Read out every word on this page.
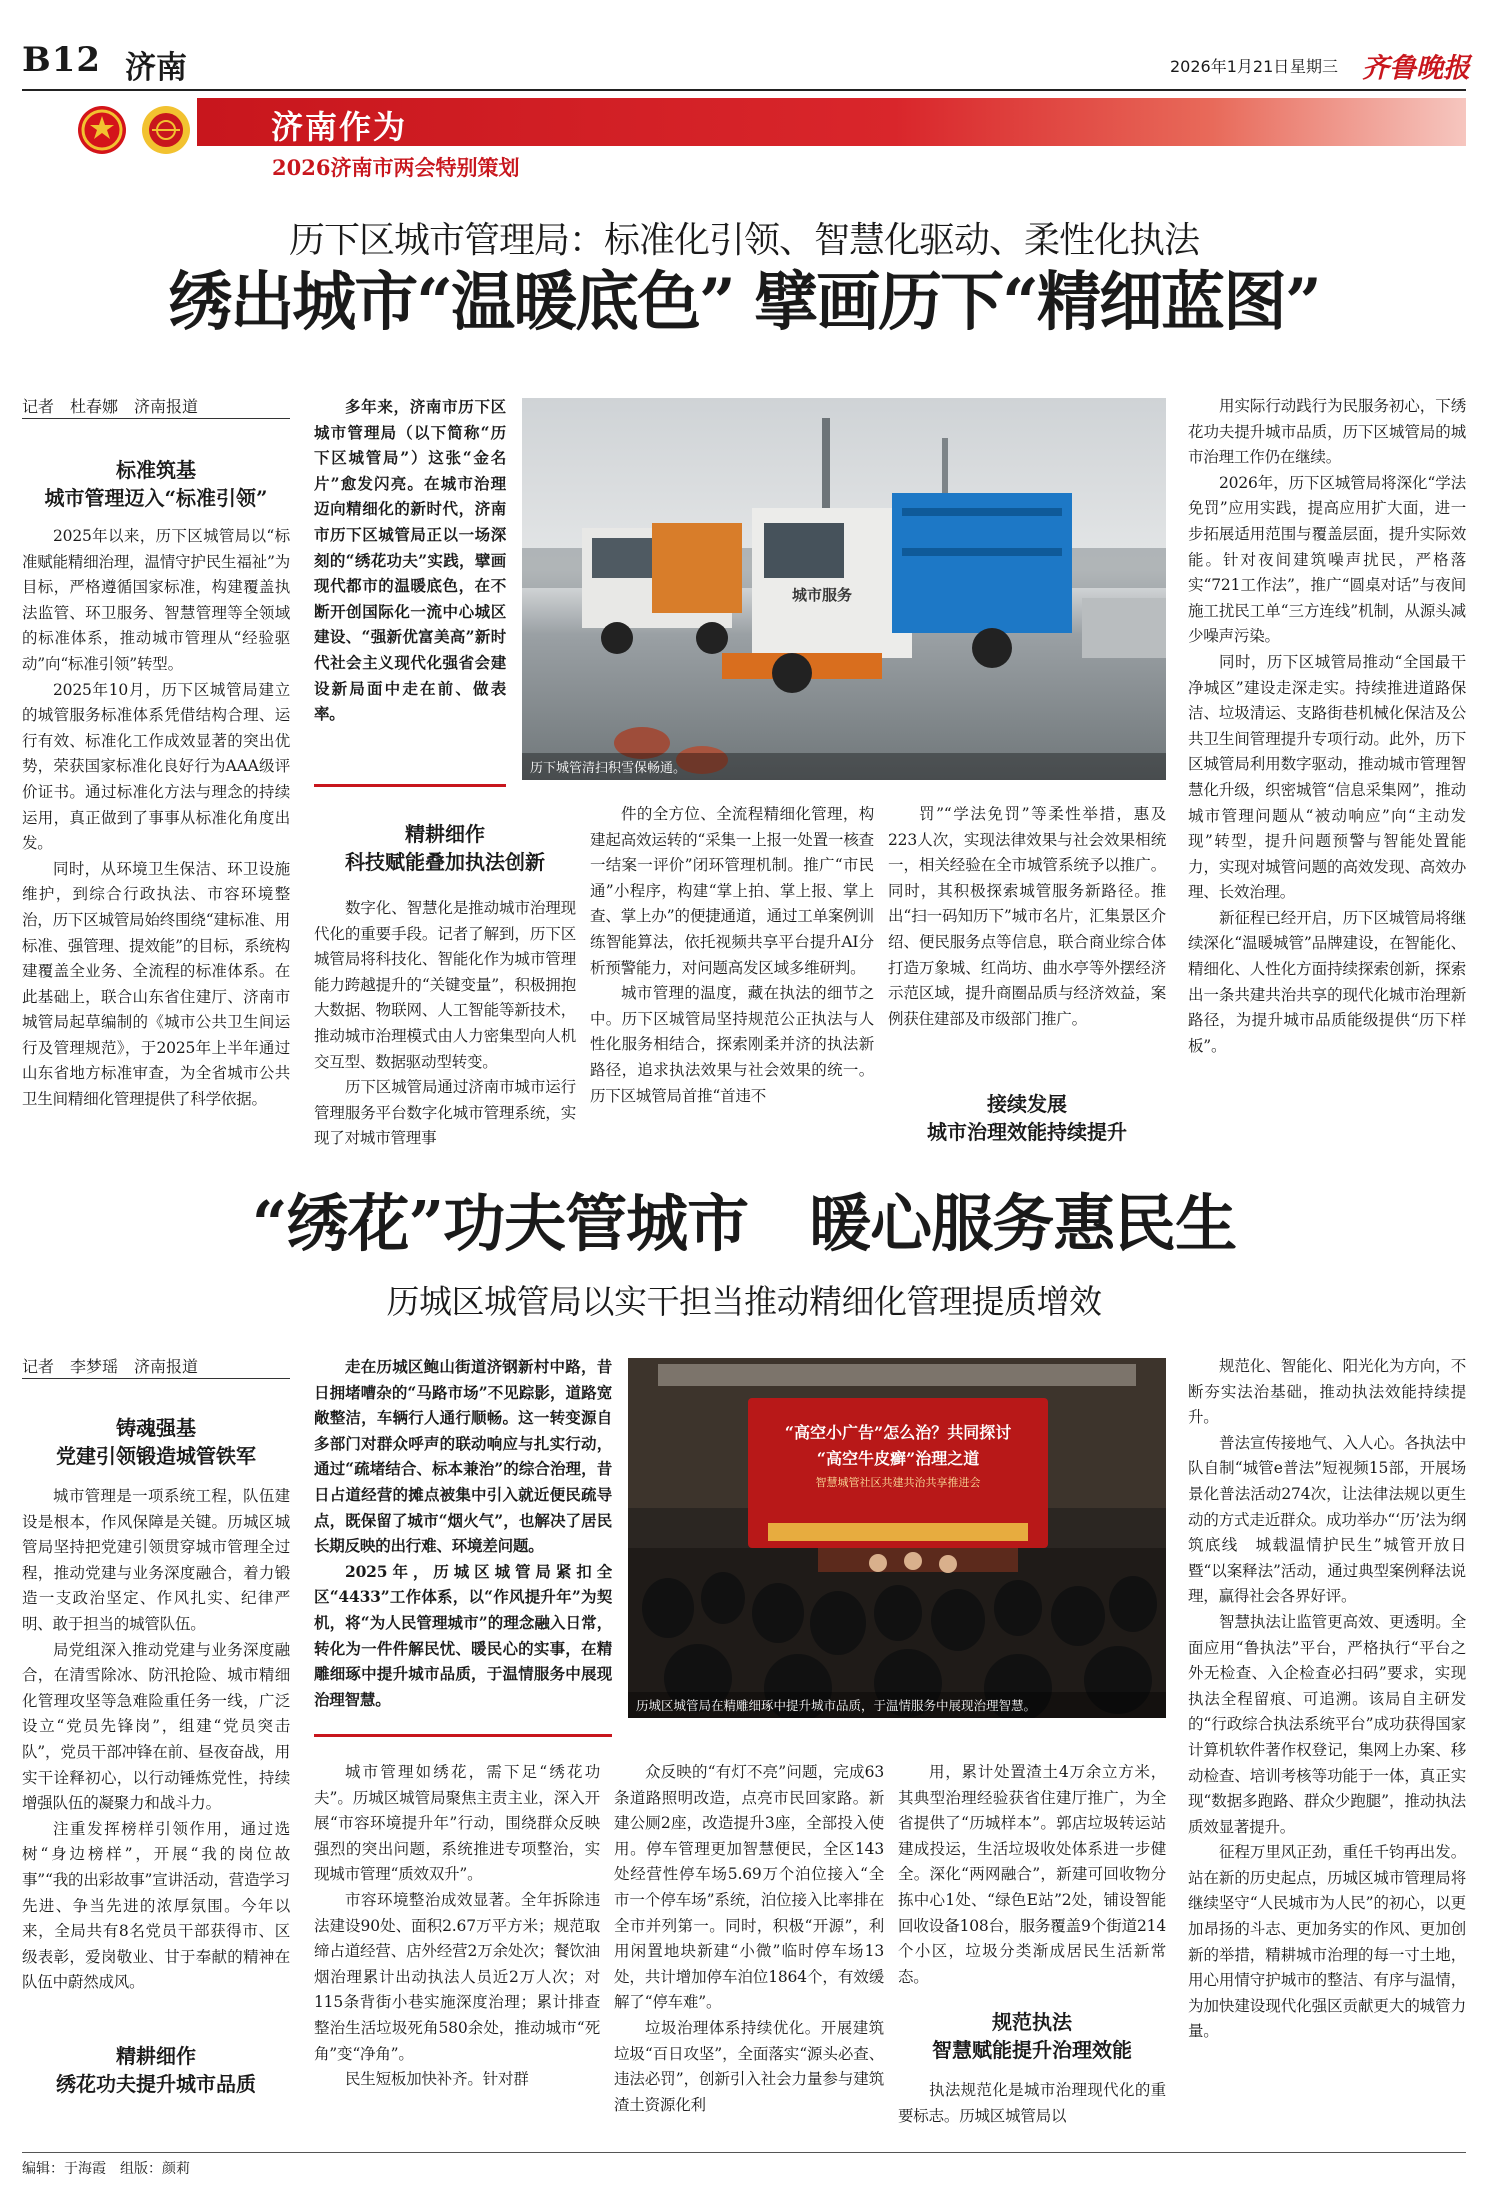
B12 济南	2026年1月21日 星期三 齐鲁晚报
济南作为
2026济南市两会特别策划
历下区城市管理局：标准化引领、智慧化驱动、柔性化执法
绣出城市“温暖底色” 擘画历下“精细蓝图”
记者　杜春娜　济南报道
标准筑基
城市管理迈入“标准引领”

2025年以来，历下区城管局以“标准赋能精细治理，温情守护民生福祉”为目标，严格遵循国家标准，构建覆盖执法监管、环卫服务、智慧管理等全领域的标准体系，推动城市管理从“经验驱动”向“标准引领”转型。

2025年10月，历下区城管局建立的城管服务标准体系凭借结构合理、运行有效、标准化工作成效显著的突出优势，荣获国家标准化良好行为AAA级评价证书。通过标准化方法与理念的持续运用，真正做到了事事从标准化角度出发。

同时，从环境卫生保洁、环卫设施维护，到综合行政执法、市容环境整治，历下区城管局始终围绕“建标准、用标准、强管理、提效能”的目标，系统构建覆盖全业务、全流程的标准体系。在此基础上，联合山东省住建厅、济南市城管局起草编制的《城市公共卫生间运行及管理规范》，于2025年上半年通过山东省地方标准审查，为全省城市公共卫生间精细化管理提供了科学依据。

多年来，济南市历下区城市管理局（以下简称“历下区城管局”）这张“金名片”愈发闪亮。在城市治理迈向精细化的新时代，济南市历下区城管局正以一场深刻的“绣花功夫”实践，擘画现代都市的温暖底色，在不断开创国际化一流中心城区建设、“强新优富美高”新时代社会主义现代化强省会建设新局面中走在前、做表率。

精耕细作
科技赋能叠加执法创新

数字化、智慧化是推动城市治理现代化的重要手段。记者了解到，历下区城管局将科技化、智能化作为城市管理能力跨越提升的“关键变量”，积极拥抱大数据、物联网、人工智能等新技术，推动城市治理模式由人力密集型向人机交互型、数据驱动型转变。

历下区城管局通过济南市城市运行管理服务平台数字化城市管理系统，实现了对城市管理事

城市服务
历下城管清扫积雪保畅通。

件的全方位、全流程精细化管理，构建起高效运转的“采集一上报一处置一核查一结案一评价”闭环管理机制。推广“市民通”小程序，构建“掌上拍、掌上报、掌上查、掌上办”的便捷通道，通过工单案例训练智能算法，依托视频共享平台提升AI分析预警能力，对问题高发区域多维研判。

城市管理的温度，藏在执法的细节之中。历下区城管局坚持规范公正执法与人性化服务相结合，探索刚柔并济的执法新路径，追求执法效果与社会效果的统一。历下区城管局首推“首违不

罚”“学法免罚”等柔性举措，惠及223人次，实现法律效果与社会效果相统一，相关经验在全市城管系统予以推广。同时，其积极探索城管服务新路径。推出“扫一码知历下”城市名片，汇集景区介绍、便民服务点等信息，联合商业综合体打造万象城、红尚坊、曲水亭等外摆经济示范区域，提升商圈品质与经济效益，案例获住建部及市级部门推广。

接续发展
城市治理效能持续提升

用实际行动践行为民服务初心，下绣花功夫提升城市品质，历下区城管局的城市治理工作仍在继续。

2026年，历下区城管局将深化“学法免罚”应用实践，提高应用扩大面，进一步拓展适用范围与覆盖层面，提升实际效能。针对夜间建筑噪声扰民，严格落实“721工作法”，推广“圆桌对话”与夜间施工扰民工单“三方连线”机制，从源头减少噪声污染。

同时，历下区城管局推动“全国最干净城区”建设走深走实。持续推进道路保洁、垃圾清运、支路街巷机械化保洁及公共卫生间管理提升专项行动。此外，历下区城管局利用数字驱动，推动城市管理智慧化升级，织密城管“信息采集网”，推动城市管理问题从“被动响应”向“主动发现”转型，提升问题预警与智能处置能力，实现对城管问题的高效发现、高效办理、长效治理。

新征程已经开启，历下区城管局将继续深化“温暖城管”品牌建设，在智能化、精细化、人性化方面持续探索创新，探索出一条共建共治共享的现代化城市治理新路径，为提升城市品质能级提供“历下样板”。

“绣花”功夫管城市　暖心服务惠民生
历城区城管局以实干担当推动精细化管理提质增效
记者　李梦瑶　济南报道
铸魂强基
党建引领锻造城管铁军

城市管理是一项系统工程，队伍建设是根本，作风保障是关键。历城区城管局坚持把党建引领贯穿城市管理全过程，推动党建与业务深度融合，着力锻造一支政治坚定、作风扎实、纪律严明、敢于担当的城管队伍。

局党组深入推动党建与业务深度融合，在清雪除冰、防汛抢险、城市精细化管理攻坚等急难险重任务一线，广泛设立“党员先锋岗”，组建“党员突击队”，党员干部冲锋在前、昼夜奋战，用实干诠释初心，以行动锤炼党性，持续增强队伍的凝聚力和战斗力。

注重发挥榜样引领作用，通过选树“身边榜样”，开展“我的岗位故事”“我的出彩故事”宣讲活动，营造学习先进、争当先进的浓厚氛围。今年以来，全局共有8名党员干部获得市、区级表彰，爱岗敬业、甘于奉献的精神在队伍中蔚然成风。

精耕细作
绣花功夫提升城市品质

走在历城区鲍山街道济钢新村中路，昔日拥堵嘈杂的“马路市场”不见踪影，道路宽敞整洁，车辆行人通行顺畅。这一转变源自多部门对群众呼声的联动响应与扎实行动，通过“疏堵结合、标本兼治”的综合治理，昔日占道经营的摊点被集中引入就近便民疏导点，既保留了城市“烟火气”，也解决了居民长期反映的出行难、环境差问题。

2025年，历城区城管局紧扣全区“4433”工作体系，以“作风提升年”为契机，将“为人民管理城市”的理念融入日常，转化为一件件解民忧、暖民心的实事，在精雕细琢中提升城市品质，于温情服务中展现治理智慧。

“高空小广告”怎么治？共同探讨
“高空牛皮癣”治理之道
智慧城管社区共建共治共享推进会
历城区城管局在精雕细琢中提升城市品质，于温情服务中展现治理智慧。

城市管理如绣花，需下足“绣花功夫”。历城区城管局聚焦主责主业，深入开展“市容环境提升年”行动，围绕群众反映强烈的突出问题，系统推进专项整治，实现城市管理“质效双升”。

市容环境整治成效显著。全年拆除违法建设90处、面积2.67万平方米；规范取缔占道经营、店外经营2万余处次；餐饮油烟治理累计出动执法人员近2万人次；对115条背街小巷实施深度治理；累计排查整治生活垃圾死角580余处，推动城市“死角”变“净角”。

民生短板加快补齐。针对群

众反映的“有灯不亮”问题，完成63条道路照明改造，点亮市民回家路。新建公厕2座，改造提升3座，全部投入使用。停车管理更加智慧便民，全区143处经营性停车场5.69万个泊位接入“全市一个停车场”系统，泊位接入比率排在全市并列第一。同时，积极“开源”，利用闲置地块新建“小微”临时停车场13处，共计增加停车泊位1864个，有效缓解了“停车难”。

垃圾治理体系持续优化。开展建筑垃圾“百日攻坚”，全面落实“源头必查、违法必罚”，创新引入社会力量参与建筑渣土资源化利

用，累计处置渣土4万余立方米，其典型治理经验获省住建厅推广，为全省提供了“历城样本”。郭店垃圾转运站建成投运，生活垃圾收处体系进一步健全。深化“两网融合”，新建可回收物分拣中心1处、“绿色E站”2处，铺设智能回收设备108台，服务覆盖9个街道214个小区，垃圾分类渐成居民生活新常态。

规范执法
智慧赋能提升治理效能

执法规范化是城市治理现代化的重要标志。历城区城管局以

规范化、智能化、阳光化为方向，不断夯实法治基础，推动执法效能持续提升。

普法宣传接地气、入人心。各执法中队自制“城管e普法”短视频15部，开展场景化普法活动274次，让法律法规以更生动的方式走近群众。成功举办“‘历’法为纲筑底线　城载温情护民生”城管开放日暨“以案释法”活动，通过典型案例释法说理，赢得社会各界好评。

智慧执法让监管更高效、更透明。全面应用“鲁执法”平台，严格执行“平台之外无检查、入企检查必扫码”要求，实现执法全程留痕、可追溯。该局自主研发的“行政综合执法系统平台”成功获得国家计算机软件著作权登记，集网上办案、移动检查、培训考核等功能于一体，真正实现“数据多跑路、群众少跑腿”，推动执法质效显著提升。

征程万里风正劲，重任千钧再出发。站在新的历史起点，历城区城市管理局将继续坚守“人民城市为人民”的初心，以更加昂扬的斗志、更加务实的作风、更加创新的举措，精耕城市治理的每一寸土地，用心用情守护城市的整洁、有序与温情，为加快建设现代化强区贡献更大的城管力量。

编辑：于海霞　组版：颜莉
